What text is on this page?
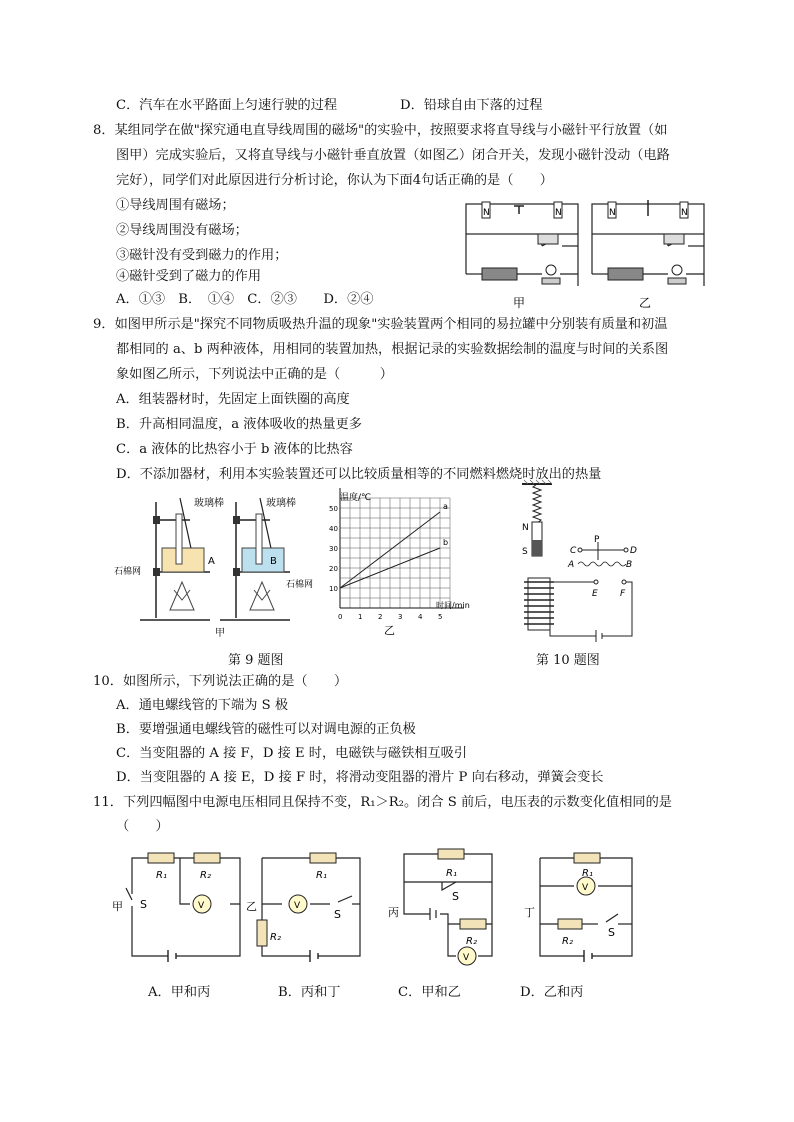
C．汽车在水平路面上匀速行驶的过程	D．铅球自由下落的过程
8．某组同学在做"探究通电直导线周围的磁场"的实验中，按照要求将直导线与小磁针平行放置（如
图甲）完成实验后，又将直导线与小磁针垂直放置（如图乙）闭合开关，发现小磁针没动（电路
完好），同学们对此原因进行分析讨论，你认为下面4句话正确的是（　　）
①导线周围有磁场；
②导线周围没有磁场；
③磁针没有受到磁力的作用；
④磁针受到了磁力的作用
A．①③　B．　①④　C．②③　　D．②④
N	N	N	N
甲	乙
9．如图甲所示是"探究不同物质吸热升温的现象"实验装置两个相同的易拉罐中分别装有质量和初温
都相同的 a、b 两种液体，用相同的装置加热，根据记录的实验数据绘制的温度与时间的关系图
象如图乙所示，下列说法中正确的是（　　　）
A．组装器材时，先固定上面铁圈的高度
B．升高相同温度，a 液体吸收的热量更多
C．a 液体的比热容小于 b 液体的比热容
D．不添加器材，利用本实验装置还可以比较质量相等的不同燃料燃烧时放出的热量
玻璃棒	玻璃棒
石棉网
石棉网
A	B
甲
a
b
0 1 2 3 4 5
10
20
30
40
50
温度/℃
时间/min
乙
第 9 题图
N
S	C
P
D
A	B
E F
第 10 题图
10．如图所示，下列说法正确的是（　　）
A．通电螺线管的下端为 S 极
B．要增强通电螺线管的磁性可以对调电源的正负极
C．当变阻器的 A 接 F，D 接 E 时，电磁铁与磁铁相互吸引
D．当变阻器的 A 接 E，D 接 F 时，将滑动变阻器的滑片 P 向右移动，弹簧会变长
11．下列四幅图中电源电压相同且保持不变，R₁＞R₂。闭合 S 前后，电压表的示数变化值相同的是
（　　）
V	V
V
V
R₁	R₂	R₁
R₂
R₁
R₂
R₁
R₂
甲 S	乙
S	丙
S
丁
S
A．甲和丙	B．丙和丁	C．甲和乙	D．乙和丙
